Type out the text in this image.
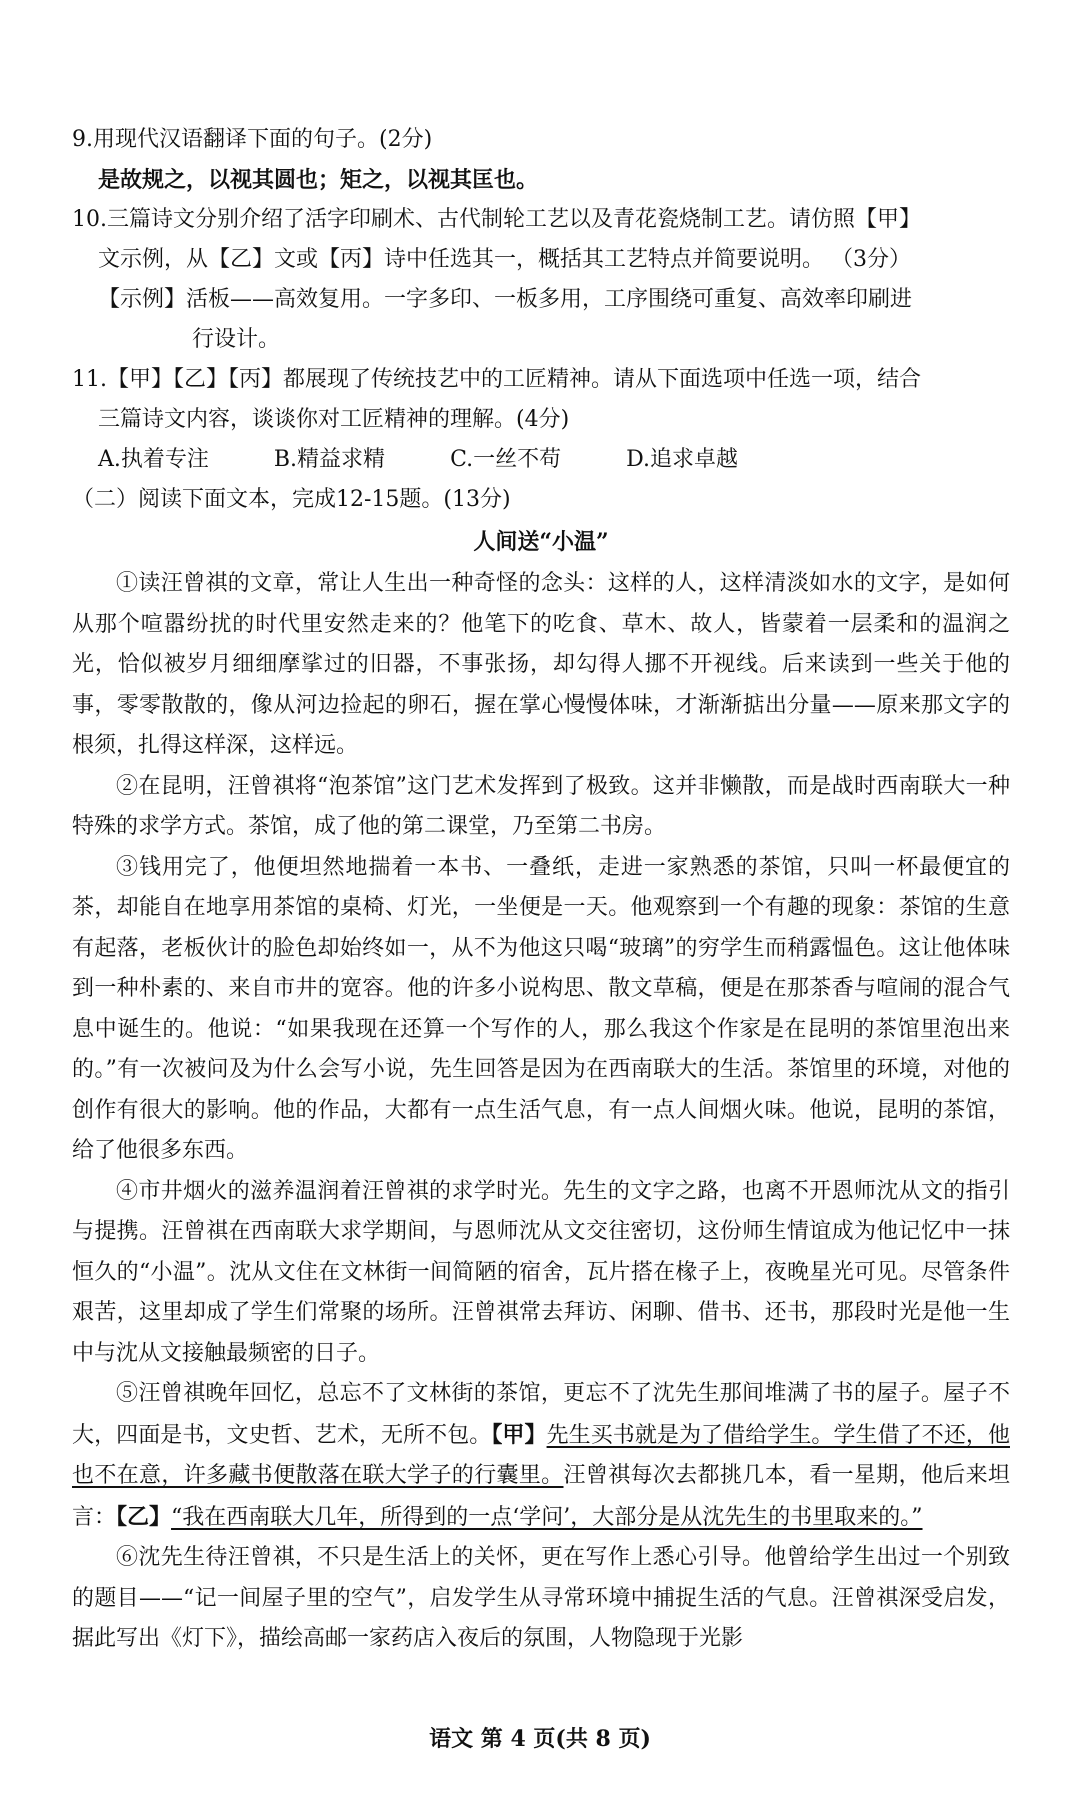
9.用现代汉语翻译下面的句子。(2分)
是故规之，以视其圆也；矩之，以视其匡也。
10.三篇诗文分别介绍了活字印刷术、古代制轮工艺以及青花瓷烧制工艺。请仿照【甲】
文示例，从【乙】文或【丙】诗中任选其一，概括其工艺特点并简要说明。 （3分）
【示例】活板——高效复用。一字多印、一板多用，工序围绕可重复、高效率印刷进
行设计。
11.【甲】【乙】【丙】都展现了传统技艺中的工匠精神。请从下面选项中任选一项，结合
三篇诗文内容，谈谈你对工匠精神的理解。(4分)
A.执着专注	B.精益求精	C.一丝不苟	D.追求卓越
（二）阅读下面文本，完成12-15题。(13分)
人间送“小温”

①读汪曾祺的文章，常让人生出一种奇怪的念头：这样的人，这样清淡如水的文字，是如何从那个喧嚣纷扰的时代里安然走来的？他笔下的吃食、草木、故人，皆蒙着一层柔和的温润之光，恰似被岁月细细摩挲过的旧器，不事张扬，却勾得人挪不开视线。后来读到一些关于他的事，零零散散的，像从河边捡起的卵石，握在掌心慢慢体味，才渐渐掂出分量——原来那文字的根须，扎得这样深，这样远。

②在昆明，汪曾祺将“泡茶馆”这门艺术发挥到了极致。这并非懒散，而是战时西南联大一种特殊的求学方式。茶馆，成了他的第二课堂，乃至第二书房。

③钱用完了，他便坦然地揣着一本书、一叠纸，走进一家熟悉的茶馆，只叫一杯最便宜的茶，却能自在地享用茶馆的桌椅、灯光，一坐便是一天。他观察到一个有趣的现象：茶馆的生意有起落，老板伙计的脸色却始终如一，从不为他这只喝“玻璃”的穷学生而稍露愠色。这让他体味到一种朴素的、来自市井的宽容。他的许多小说构思、散文草稿，便是在那茶香与喧闹的混合气息中诞生的。他说：“如果我现在还算一个写作的人，那么我这个作家是在昆明的茶馆里泡出来的。”有一次被问及为什么会写小说，先生回答是因为在西南联大的生活。茶馆里的环境，对他的创作有很大的影响。他的作品，大都有一点生活气息，有一点人间烟火味。他说，昆明的茶馆，给了他很多东西。

④市井烟火的滋养温润着汪曾祺的求学时光。先生的文字之路，也离不开恩师沈从文的指引与提携。汪曾祺在西南联大求学期间，与恩师沈从文交往密切，这份师生情谊成为他记忆中一抹恒久的“小温”。沈从文住在文林街一间简陋的宿舍，瓦片搭在椽子上，夜晚星光可见。尽管条件艰苦，这里却成了学生们常聚的场所。汪曾祺常去拜访、闲聊、借书、还书，那段时光是他一生中与沈从文接触最频密的日子。

⑤汪曾祺晚年回忆，总忘不了文林街的茶馆，更忘不了沈先生那间堆满了书的屋子。屋子不大，四面是书，文史哲、艺术，无所不包。【甲】先生买书就是为了借给学生。学生借了不还，他也不在意，许多藏书便散落在联大学子的行囊里。汪曾祺每次去都挑几本，看一星期，他后来坦言：【乙】“我在西南联大几年，所得到的一点‘学问’，大部分是从沈先生的书里取来的。”

⑥沈先生待汪曾祺，不只是生活上的关怀，更在写作上悉心引导。他曾给学生出过一个别致的题目——“记一间屋子里的空气”，启发学生从寻常环境中捕捉生活的气息。汪曾祺深受启发，据此写出《灯下》，描绘高邮一家药店入夜后的氛围，人物隐现于光影

语文 第 4 页(共 8 页)
